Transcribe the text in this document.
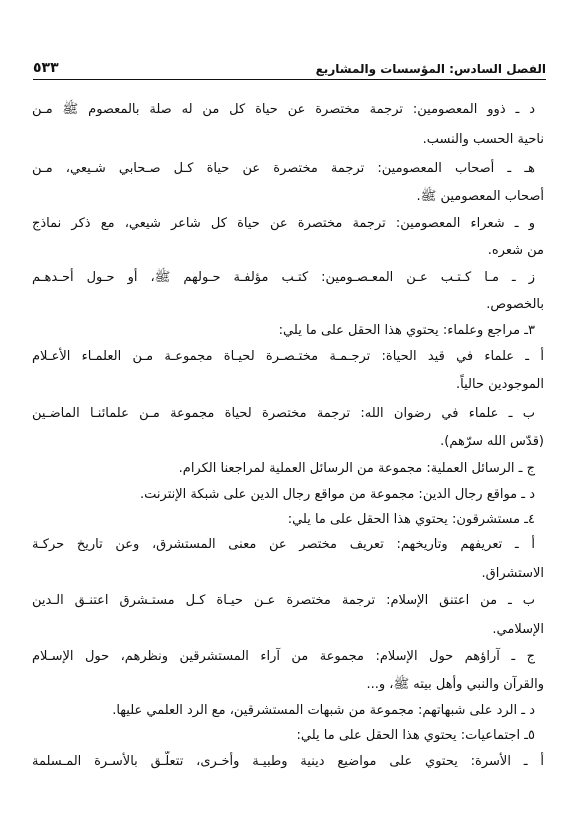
الفصل السادس: المؤسسات والمشاريع
٥٣٣
د ـ ذوو المعصومين: ترجمة مختصرة عن حياة كل من له صلة بالمعصوم ﷺ مـن
ناحية الحسب والنسب.
هـ ـ أصحاب المعصومين: ترجمة مختصرة عن حياة كـل صـحابي شـيعي، مـن
أصحاب المعصومين ﷺ.
و ـ شعراء المعصومين: ترجمة مختصرة عن حياة كل شاعر شيعي، مع ذكر نماذج
من شعره.
ز ـ مـا كـتـب عـن المعـصـومين: كتـب مؤلفـة حـولهم ﷺ، أو حـول أحـدهـم
بالخصوص.
٣ـ مراجع وعلماء: يحتوي هذا الحقل على ما يلي:
أ ـ علماء في قيد الحياة: ترجـمـة مختـصـرة لحيـاة مجموعـة مـن العلمـاء الأعـلام
الموجودين حالياً.
ب ـ علماء في رضوان الله: ترجمة مختصرة لحياة مجموعة مـن علمائنـا الماضـين
(قدّس الله سرّهم).
ج ـ الرسائل العملية: مجموعة من الرسائل العملية لمراجعنا الكرام.
د ـ مواقع رجال الدين: مجموعة من مواقع رجال الدين على شبكة الإنترنت.
٤ـ مستشرقون: يحتوي هذا الحقل على ما يلي:
أ ـ تعريفهم وتاريخهم: تعريف مختصر عن معنى المستشرق، وعن تاريخ حركـة
الاستشراق.
ب ـ من اعتنق الإسلام: ترجمة مختصرة عـن حيـاة كـل مستـشرق اعتنـق الـدين
الإسلامي.
ج ـ آراؤهم حول الإسلام: مجموعة من آراء المستشرقين ونظرهم، حول الإسـلام
والقرآن والنبي وأهل بيته ﷺ، و...
د ـ الرد على شبهاتهم: مجموعة من شبهات المستشرقين، مع الرد العلمي عليها.
٥ـ اجتماعيات: يحتوي هذا الحقل على ما يلي:
أ ـ الأسرة: يحتوي على مواضيع دينية وطبيـة وأخـرى، تتعلّـق بالأسـرة المـسلمة
